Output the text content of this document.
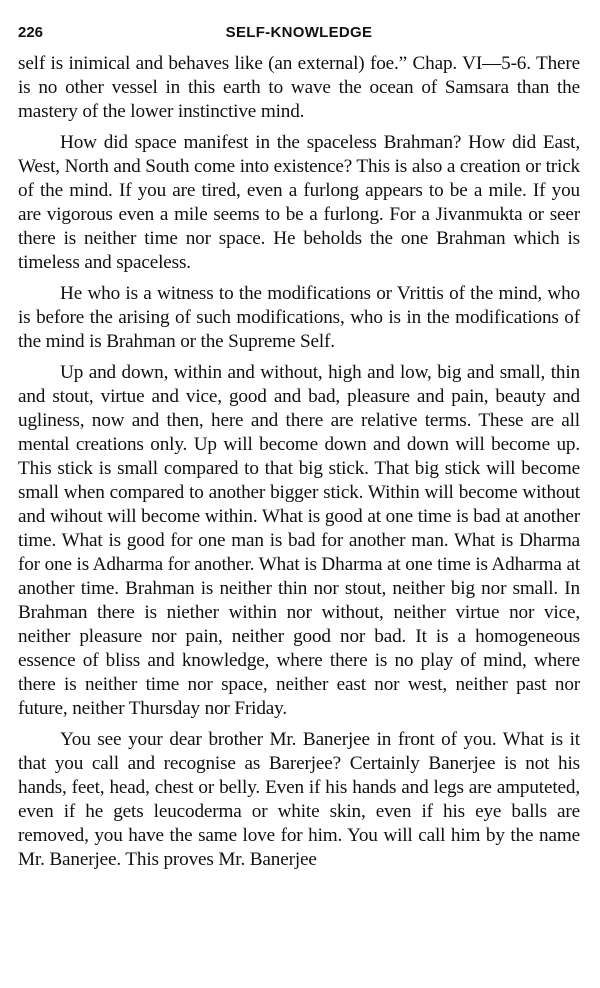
226	SELF-KNOWLEDGE

self is inimical and behaves like (an external) foe.” Chap. VI—5-6. There is no other vessel in this earth to wave the ocean of Samsara than the mastery of the lower instinctive mind.

How did space manifest in the spaceless Brahman? How did East, West, North and South come into existence? This is also a creation or trick of the mind. If you are tired, even a furlong appears to be a mile. If you are vigorous even a mile seems to be a furlong. For a Jivanmukta or seer there is neither time nor space. He beholds the one Brahman which is timeless and spaceless.

He who is a witness to the modifications or Vrittis of the mind, who is before the arising of such modifications, who is in the modifications of the mind is Brahman or the Supreme Self.

Up and down, within and without, high and low, big and small, thin and stout, virtue and vice, good and bad, pleasure and pain, beauty and ugliness, now and then, here and there are relative terms. These are all mental creations only. Up will become down and down will become up. This stick is small compared to that big stick. That big stick will become small when compared to another bigger stick. Within will become without and wihout will become within. What is good at one time is bad at another time. What is good for one man is bad for another man. What is Dharma for one is Adharma for another. What is Dharma at one time is Adharma at another time. Brahman is neither thin nor stout, neither big nor small. In Brahman there is niether within nor without, neither virtue nor vice, neither pleasure nor pain, neither good nor bad. It is a homogeneous essence of bliss and knowledge, where there is no play of mind, where there is neither time nor space, neither east nor west, neither past nor future, neither Thursday nor Friday.

You see your dear brother Mr. Banerjee in front of you. What is it that you call and recognise as Barerjee? Certainly Banerjee is not his hands, feet, head, chest or belly. Even if his hands and legs are amputeted, even if he gets leucoderma or white skin, even if his eye balls are removed, you have the same love for him. You will call him by the name Mr. Banerjee. This proves Mr. Banerjee
